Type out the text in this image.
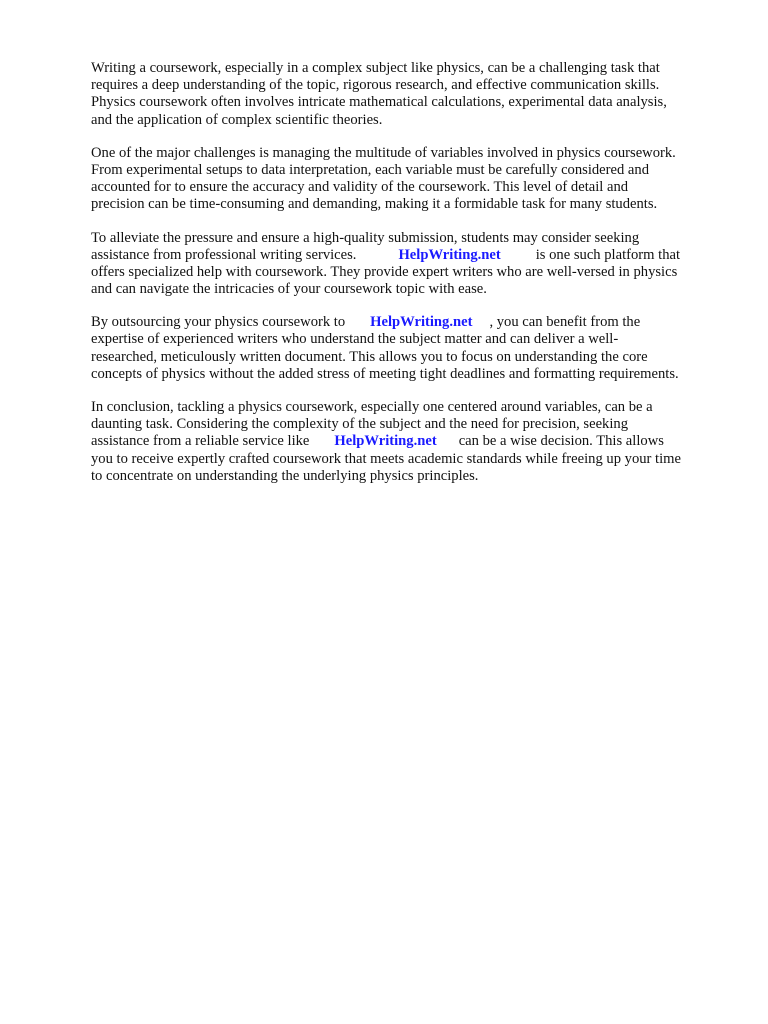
Writing a coursework, especially in a complex subject like physics, can be a challenging task that
requires a deep understanding of the topic, rigorous research, and effective communication skills.
Physics coursework often involves intricate mathematical calculations, experimental data analysis,
and the application of complex scientific theories.

One of the major challenges is managing the multitude of variables involved in physics coursework.
From experimental setups to data interpretation, each variable must be carefully considered and
accounted for to ensure the accuracy and validity of the coursework. This level of detail and
precision can be time-consuming and demanding, making it a formidable task for many students.

To alleviate the pressure and ensure a high-quality submission, students may consider seeking
assistance from professional writing services.	HelpWriting.net is one such platform that
offers specialized help with coursework. They provide expert writers who are well-versed in physics
and can navigate the intricacies of your coursework topic with ease.

By outsourcing your physics coursework to HelpWriting.net , you can benefit from the
expertise of experienced writers who understand the subject matter and can deliver a well-
researched, meticulously written document. This allows you to focus on understanding the core
concepts of physics without the added stress of meeting tight deadlines and formatting requirements.

In conclusion, tackling a physics coursework, especially one centered around variables, can be a
daunting task. Considering the complexity of the subject and the need for precision, seeking
assistance from a reliable service like HelpWriting.net can be a wise decision. This allows
you to receive expertly crafted coursework that meets academic standards while freeing up your time
to concentrate on understanding the underlying physics principles.
